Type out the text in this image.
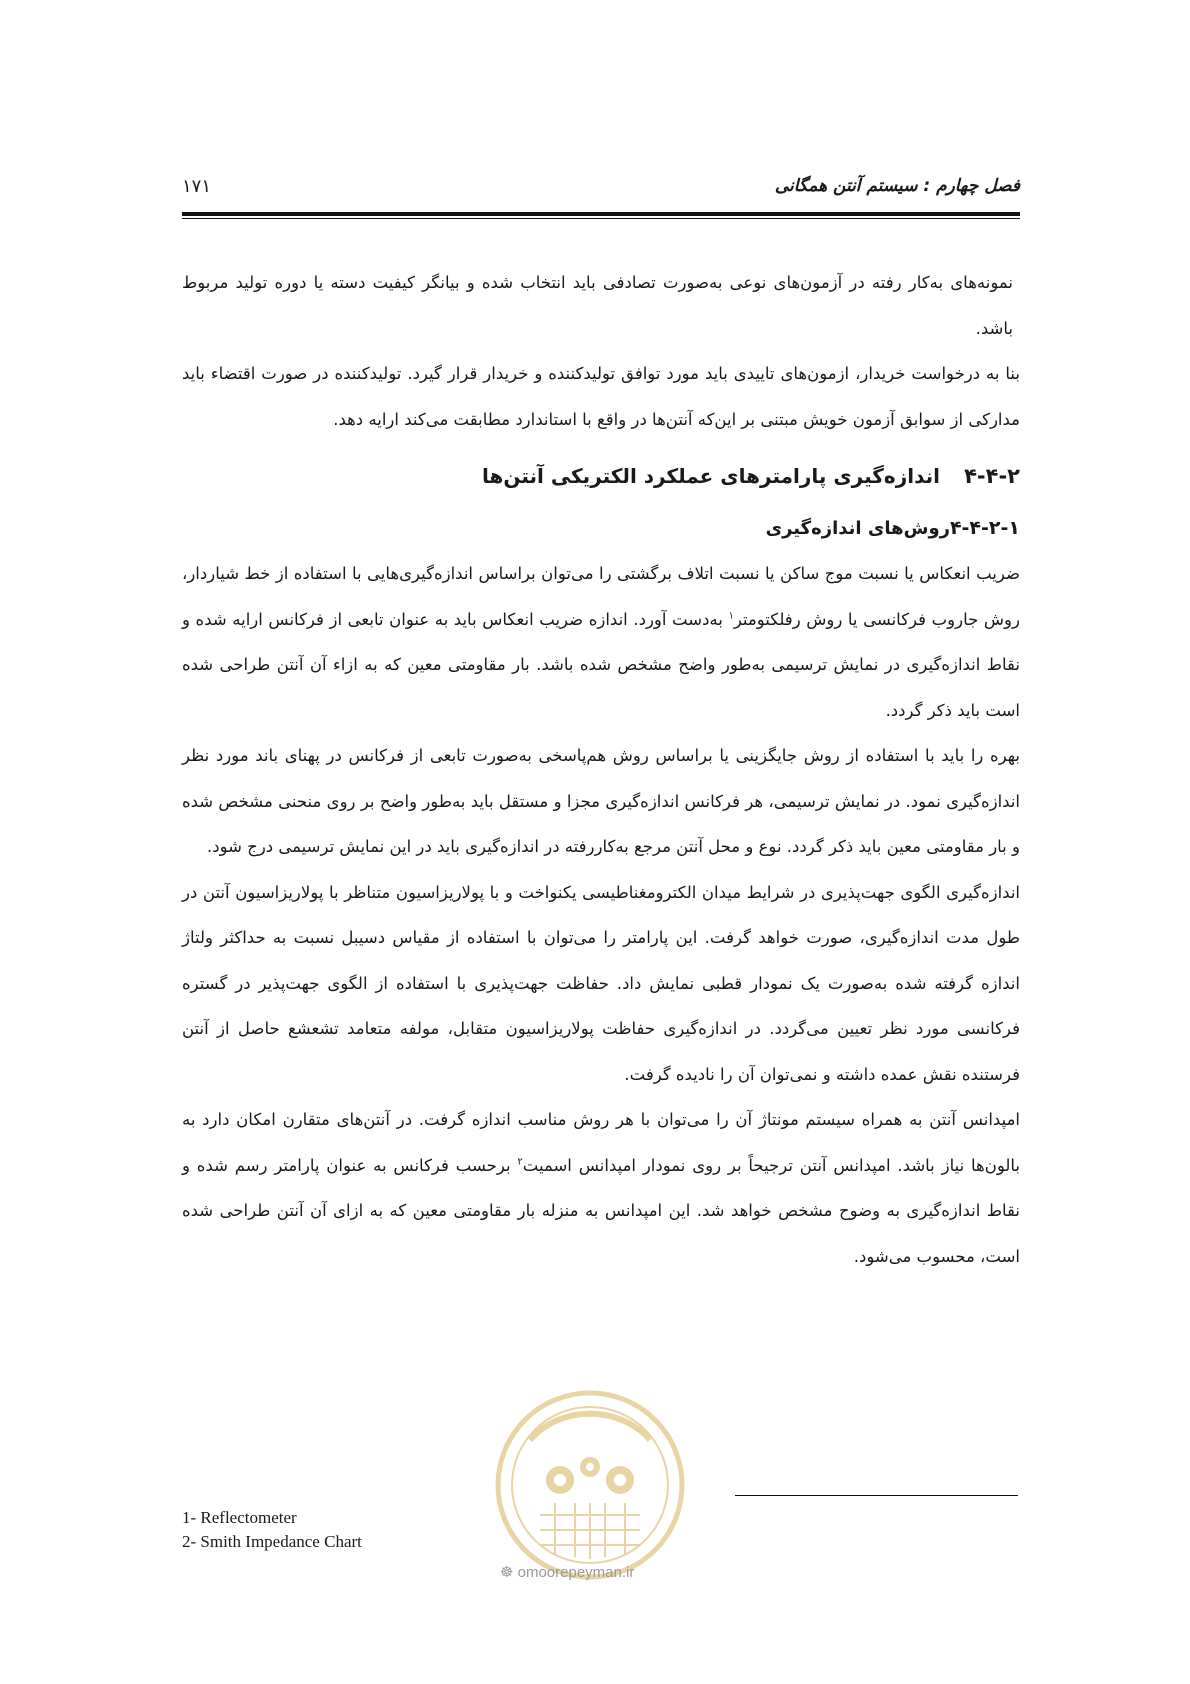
فصل چهارم : سیستم آنتن همگانی
۱۷۱

نمونه‌های به‌کار رفته در آزمون‌های نوعی به‌صورت تصادفی باید انتخاب شده و بیانگر کیفیت دسته یا دوره تولید مربوط باشد.

بنا به درخواست خریدار، ازمون‌های تاییدی باید مورد توافق تولیدکننده و خریدار قرار گیرد. تولیدکننده در صورت اقتضاء باید مدارکی از سوابق آزمون خویش مبتنی بر این‌که آنتن‌ها در واقع با استاندارد مطابقت می‌کند ارایه دهد.

۴-۴-۲
اندازه‌گیری پارامترهای عملکرد الکتریکی آنتن‌ها
۴-۴-۲-۱
روش‌های اندازه‌گیری

ضریب انعکاس یا نسبت موج ساکن یا نسبت اتلاف برگشتی را می‌توان براساس اندازه‌گیری‌هایی با استفاده از خط شیاردار، روش جاروب فرکانسی یا روش رفلکتومتر$^۱$ به‌دست آورد. اندازه ضریب انعکاس باید به عنوان تابعی از فرکانس ارایه شده و نقاط اندازه‌گیری در نمایش ترسیمی به‌طور واضح مشخص شده باشد. بار مقاومتی معین که به ازاء آن آنتن طراحی شده است باید ذکر گردد.

بهره را باید با استفاده از روش جایگزینی یا براساس روش هم‌پاسخی به‌صورت تابعی از فرکانس در پهنای باند مورد نظر اندازه‌گیری نمود. در نمایش ترسیمی، هر فرکانس اندازه‌گیری مجزا و مستقل باید به‌طور واضح بر روی منحنی مشخص شده و بار مقاومتی معین باید ذکر گردد. نوع و محل آنتن مرجع به‌کاررفته در اندازه‌گیری باید در این نمایش ترسیمی درج شود.

اندازه‌گیری الگوی جهت‌پذیری در شرایط میدان الکترومغناطیسی یکنواخت و با پولاریزاسیون متناظر با پولاریزاسیون آنتن در طول مدت اندازه‌گیری، صورت خواهد گرفت. این پارامتر را می‌توان با استفاده از مقیاس دسیبل نسبت به حداکثر ولتاژ اندازه گرفته شده به‌صورت یک نمودار قطبی نمایش داد. حفاظت جهت‌پذیری با استفاده از الگوی جهت‌پذیر در گستره فرکانسی مورد نظر تعیین می‌گردد. در اندازه‌گیری حفاظت پولاریزاسیون متقابل، مولفه متعامد تشعشع حاصل از آنتن فرستنده نقش عمده داشته و نمی‌توان آن را نادیده گرفت.

امپدانس آنتن به همراه سیستم مونتاژ آن را می‌توان با هر روش مناسب اندازه گرفت. در آنتن‌های متقارن امکان دارد به بالون‌ها نیاز باشد. امپدانس آنتن ترجیحاً بر روی نمودار امپدانس اسمیت$^۲$ برحسب فرکانس به عنوان پارامتر رسم شده و نقاط اندازه‌گیری به وضوح مشخص خواهد شد. این امپدانس به منزله بار مقاومتی معین که به ازای آن آنتن طراحی شده است، محسوب می‌شود.

☸ omoorepeyman.ir
1- Reflectometer
2- Smith Impedance Chart
